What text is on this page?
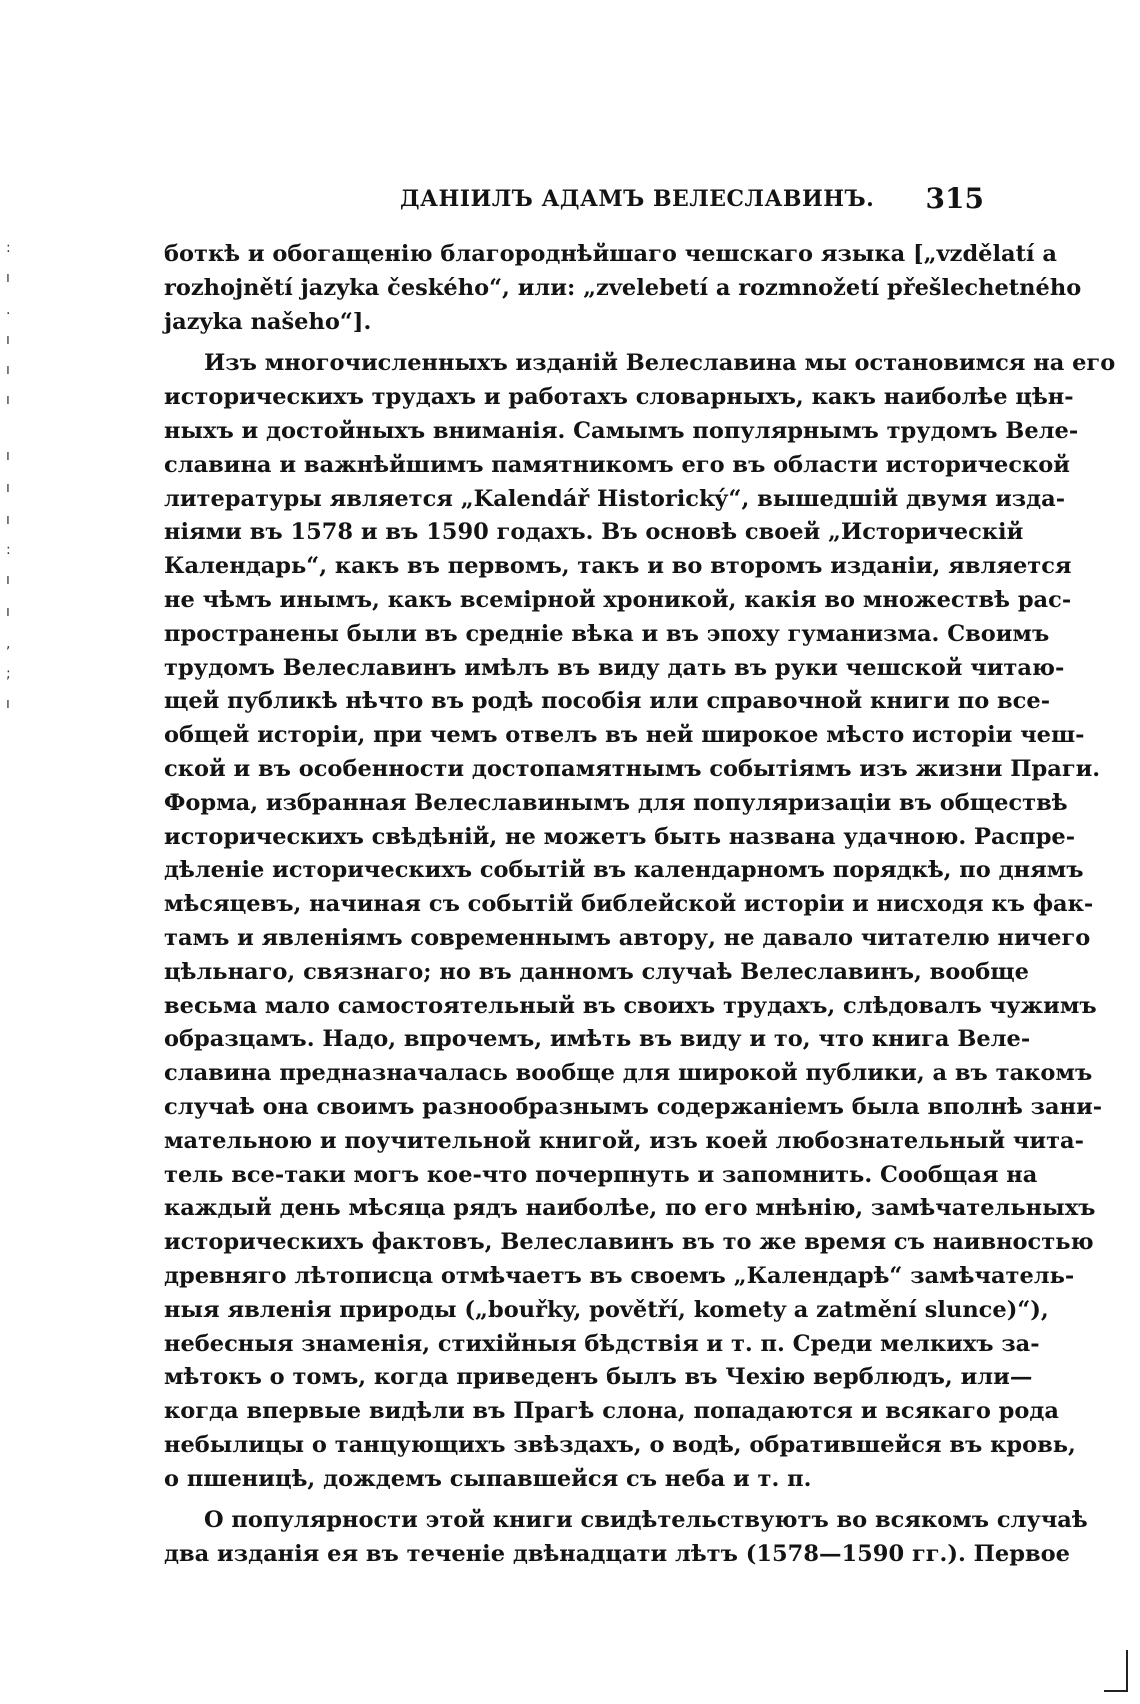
:
ı
.
ı
ı
ı
ı
ı
ı
:
ı
ı
,
;
ı
ДАНIИЛЪ АДАМЪ ВЕЛЕСЛАВИНЪ. 315
боткѣ и обогащенiю благороднѣйшаго чешскаго языка [„vzdělatí a
rozhojnětí jazyka českého“, или: „zvelebetí a rozmnožetí přešlechetného
jazyka našeho“].
Изъ многочисленныхъ изданiй Велеславина мы остановимся на его
историческихъ трудахъ и работахъ словарныхъ, какъ наиболѣе цѣн-
ныхъ и достойныхъ вниманiя. Самымъ популярнымъ трудомъ Веле-
славина и важнѣйшимъ памятникомъ его въ области исторической
литературы является „Kalendář Historický“, вышедшiй двумя изда-
нiями въ 1578 и въ 1590 годахъ. Въ основѣ своей „Историческiй
Календарь“, какъ въ первомъ, такъ и во второмъ изданiи, является
не чѣмъ инымъ, какъ всемiрной хроникой, какiя во множествѣ рас-
пространены были въ среднiе вѣка и въ эпоху гуманизма. Своимъ
трудомъ Велеславинъ имѣлъ въ виду дать въ руки чешской читаю-
щей публикѣ нѣчто въ родѣ пособiя или справочной книги по все-
общей исторiи, при чемъ отвелъ въ ней широкое мѣсто исторiи чеш-
ской и въ особенности достопамятнымъ событiямъ изъ жизни Праги.
Форма, избранная Велеславинымъ для популяризацiи въ обществѣ
историческихъ свѣдѣнiй, не можетъ быть названа удачною. Распре-
дѣленiе историческихъ событiй въ календарномъ порядкѣ, по днямъ
мѣсяцевъ, начиная съ событiй библейской исторiи и нисходя къ фак-
тамъ и явленiямъ современнымъ автору, не давало читателю ничего
цѣльнаго, связнаго; но въ данномъ случаѣ Велеславинъ, вообще
весьма мало самостоятельный въ своихъ трудахъ, слѣдовалъ чужимъ
образцамъ. Надо, впрочемъ, имѣть въ виду и то, что книга Веле-
славина предназначалась вообще для широкой публики, а въ такомъ
случаѣ она своимъ разнообразнымъ содержанiемъ была вполнѣ зани-
мательною и поучительной книгой, изъ коей любознательный чита-
тель все-таки могъ кое-что почерпнуть и запомнить. Сообщая на
каждый день мѣсяца рядъ наиболѣе, по его мнѣнiю, замѣчательныхъ
историческихъ фактовъ, Велеславинъ въ то же время съ наивностью
древняго лѣтописца отмѣчаетъ въ своемъ „Календарѣ“ замѣчатель-
ныя явленiя природы („bouřky, povětří, komety a zatmění slunce)“),
небесныя знаменiя, стихiйныя бѣдствiя и т. п. Среди мелкихъ за-
мѣтокъ о томъ, когда приведенъ былъ въ Чехiю верблюдъ, или—
когда впервые видѣли въ Прагѣ слона, попадаются и всякаго рода
небылицы о танцующихъ звѣздахъ, о водѣ, обратившейся въ кровь,
о пшеницѣ, дождемъ сыпавшейся съ неба и т. п.
О популярности этой книги свидѣтельствуютъ во всякомъ случаѣ
два изданiя ея въ теченiе двѣнадцати лѣтъ (1578—1590 гг.). Первое
